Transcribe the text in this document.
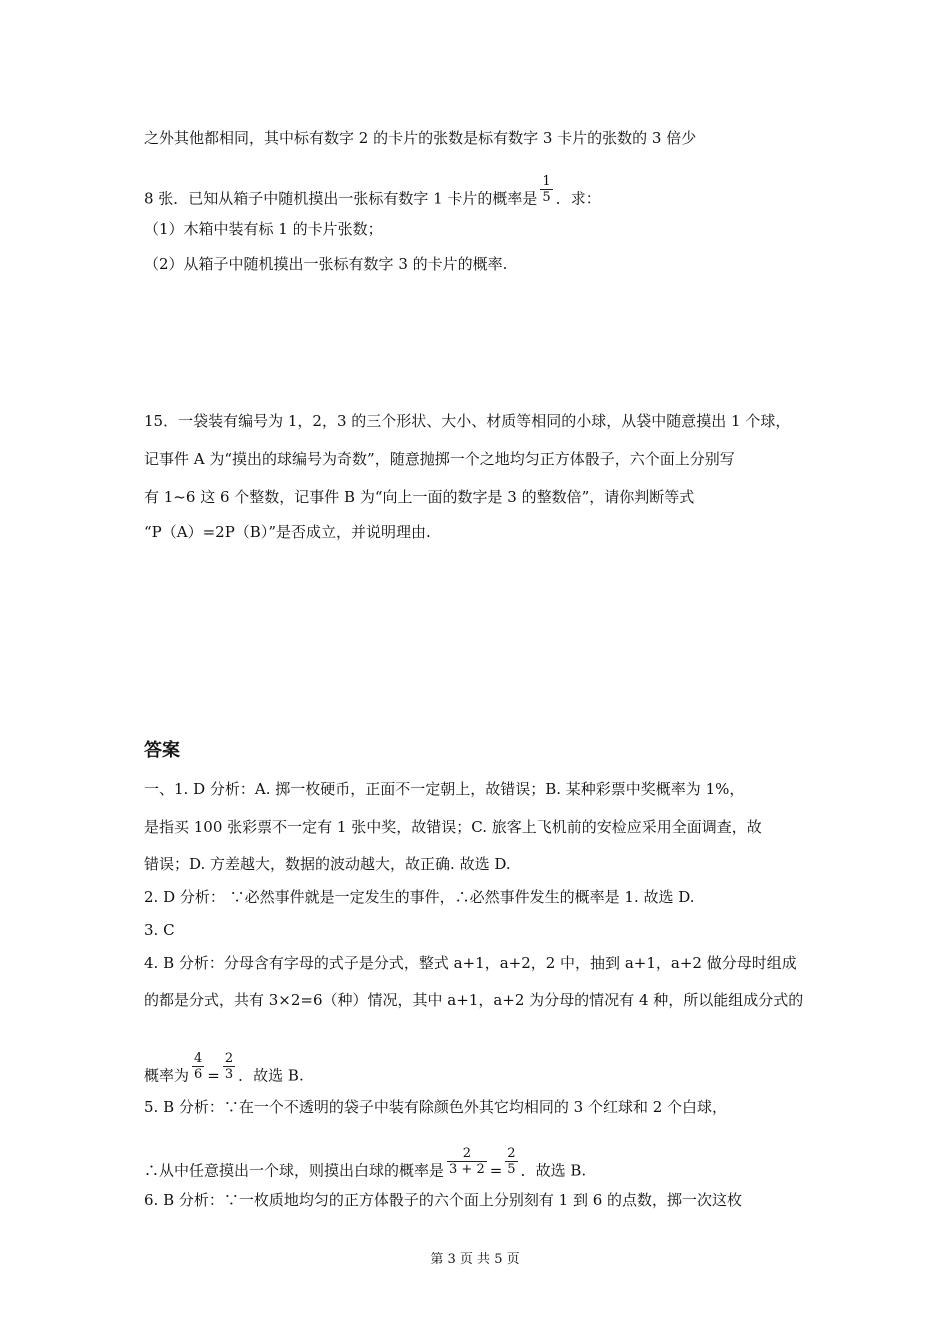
之外其他都相同，其中标有数字 2 的卡片的张数是标有数字 3 卡片的张数的 3 倍少
8 张．已知从箱子中随机摸出一张标有数字 1 卡片的概率是 $\frac{1}{5}$ ．求：
（1）木箱中装有标 1 的卡片张数；
（2）从箱子中随机摸出一张标有数字 3 的卡片的概率.
15．一袋装有编号为 1，2，3 的三个形状、大小、材质等相同的小球，从袋中随意摸出 1 个球，
记事件 A 为“摸出的球编号为奇数”，随意抛掷一个之地均匀正方体骰子，六个面上分别写
有 1~6 这 6 个整数，记事件 B 为“向上一面的数字是 3 的整数倍”，请你判断等式
“P（A）=2P（B）”是否成立，并说明理由.
答案
一、1. D 分析：A. 掷一枚硬币，正面不一定朝上，故错误；B. 某种彩票中奖概率为 1%，
是指买 100 张彩票不一定有 1 张中奖，故错误；C. 旅客上飞机前的安检应采用全面调查，故
错误；D. 方差越大，数据的波动越大，故正确. 故选 D.
2. D 分析： ∵必然事件就是一定发生的事件，∴必然事件发生的概率是 1. 故选 D.
3. C
4. B 分析：分母含有字母的式子是分式，整式 a+1，a+2，2 中，抽到 a+1，a+2 做分母时组成
的都是分式，共有 3×2=6（种）情况，其中 a+1，a+2 为分母的情况有 4 种，所以能组成分式的
概率为 $\frac{4}{6} = \frac{2}{3}$ ．故选 B.
5. B 分析：∵在一个不透明的袋子中装有除颜色外其它均相同的 3 个红球和 2 个白球，
∴从中任意摸出一个球，则摸出白球的概率是 $\frac{2}{3 + 2} = \frac{2}{5}$ ．故选 B.
6. B 分析：∵一枚质地均匀的正方体骰子的六个面上分别刻有 1 到 6 的点数，掷一次这枚
第 3 页 共 5 页
